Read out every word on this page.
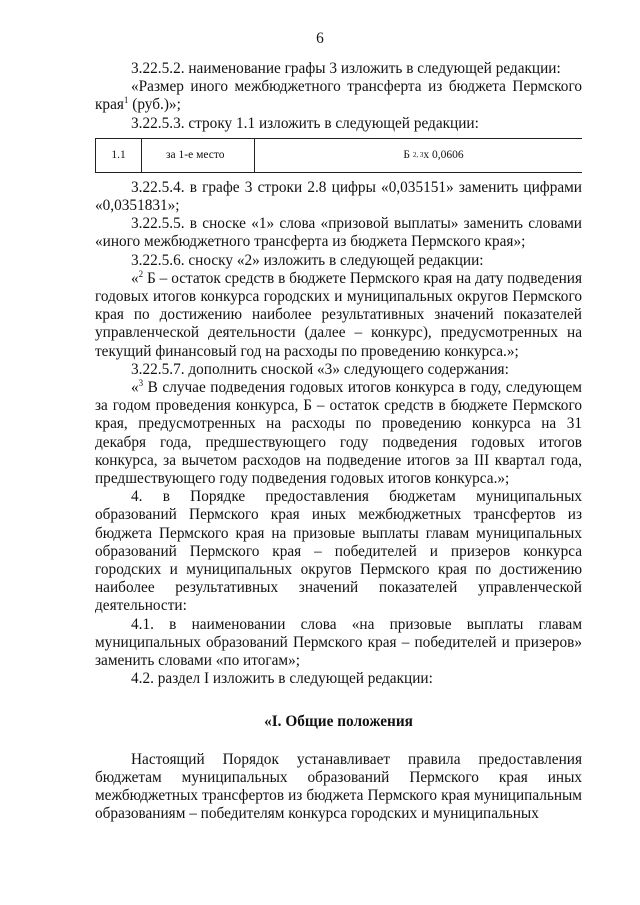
6

3.22.5.2. наименование графы 3 изложить в следующей редакции:

«Размер иного межбюджетного трансферта из бюджета Пермского края$^1$ (руб.)»;

3.22.5.3. строку 1.1 изложить в следующей редакции:

1.1	за 1-е место	Б
2, 3 х 0,0606

3.22.5.4. в графе 3 строки 2.8 цифры «0,035151» заменить цифрами «0,0351831»;

3.22.5.5. в сноске «1» слова «призовой выплаты» заменить словами «иного межбюджетного трансферта из бюджета Пермского края»;

3.22.5.6. сноску «2» изложить в следующей редакции:

«$^2$ Б – остаток средств в бюджете Пермского края на дату подведения годовых итогов конкурса городских и муниципальных округов Пермского края по достижению наиболее результативных значений показателей управленческой деятельности (далее – конкурс), предусмотренных на текущий финансовый год на расходы по проведению конкурса.»;

3.22.5.7. дополнить сноской «3» следующего содержания:

«$^3$ В случае подведения годовых итогов конкурса в году, следующем за годом проведения конкурса, Б – остаток средств в бюджете Пермского края, предусмотренных на расходы по проведению конкурса на 31 декабря года, предшествующего году подведения годовых итогов конкурса, за вычетом расходов на подведение итогов за III квартал года, предшествующего году подведения годовых итогов конкурса.»;

4. в Порядке предоставления бюджетам муниципальных образований Пермского края иных межбюджетных трансфертов из бюджета Пермского края на призовые выплаты главам муниципальных образований Пермского края – победителей и призеров конкурса городских и муниципальных округов Пермского края по достижению наиболее результативных значений показателей управленческой деятельности:

4.1. в наименовании слова «на призовые выплаты главам муниципальных образований Пермского края – победителей и призеров» заменить словами «по итогам»;

4.2. раздел I изложить в следующей редакции:

«I. Общие положения

Настоящий Порядок устанавливает правила предоставления бюджетам муниципальных образований Пермского края иных межбюджетных трансфертов из бюджета Пермского края муниципальным образованиям – победителям конкурса городских и муниципальных
